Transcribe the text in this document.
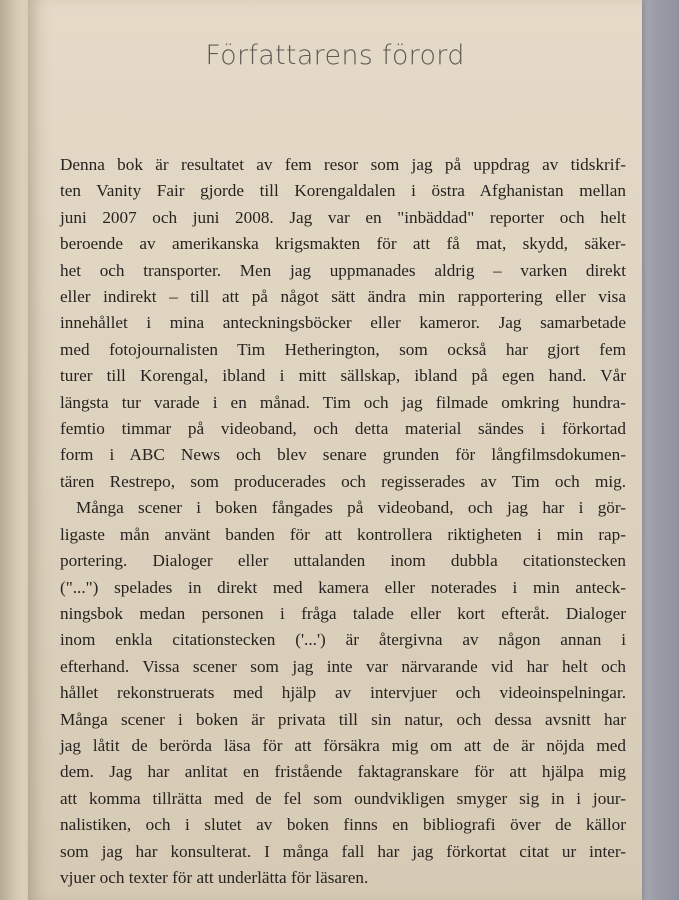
Författarens förord
Denna bok är resultatet av fem resor som jag på uppdrag av tidskrif-
ten Vanity Fair gjorde till Korengaldalen i östra Afghanistan mellan
juni 2007 och juni 2008. Jag var en "inbäddad" reporter och helt
beroende av amerikanska krigsmakten för att få mat, skydd, säker-
het och transporter. Men jag uppmanades aldrig – varken direkt
eller indirekt – till att på något sätt ändra min rapportering eller visa
innehållet i mina anteckningsböcker eller kameror. Jag samarbetade
med fotojournalisten Tim Hetherington, som också har gjort fem
turer till Korengal, ibland i mitt sällskap, ibland på egen hand. Vår
längsta tur varade i en månad. Tim och jag filmade omkring hundra-
femtio timmar på videoband, och detta material sändes i förkortad
form i ABC News och blev senare grunden för långfilmsdokumen-
tären Restrepo, som producerades och regisserades av Tim och mig.
Många scener i boken fångades på videoband, och jag har i gör-
ligaste mån använt banden för att kontrollera riktigheten i min rap-
portering. Dialoger eller uttalanden inom dubbla citationstecken
("...") spelades in direkt med kamera eller noterades i min anteck-
ningsbok medan personen i fråga talade eller kort efteråt. Dialoger
inom enkla citationstecken ('...') är återgivna av någon annan i
efterhand. Vissa scener som jag inte var närvarande vid har helt och
hållet rekonstruerats med hjälp av intervjuer och videoinspelningar.
Många scener i boken är privata till sin natur, och dessa avsnitt har
jag låtit de berörda läsa för att försäkra mig om att de är nöjda med
dem. Jag har anlitat en fristående faktagranskare för att hjälpa mig
att komma tillrätta med de fel som oundvikligen smyger sig in i jour-
nalistiken, och i slutet av boken finns en bibliografi över de källor
som jag har konsulterat. I många fall har jag förkortat citat ur inter-
vjuer och texter för att underlätta för läsaren.
